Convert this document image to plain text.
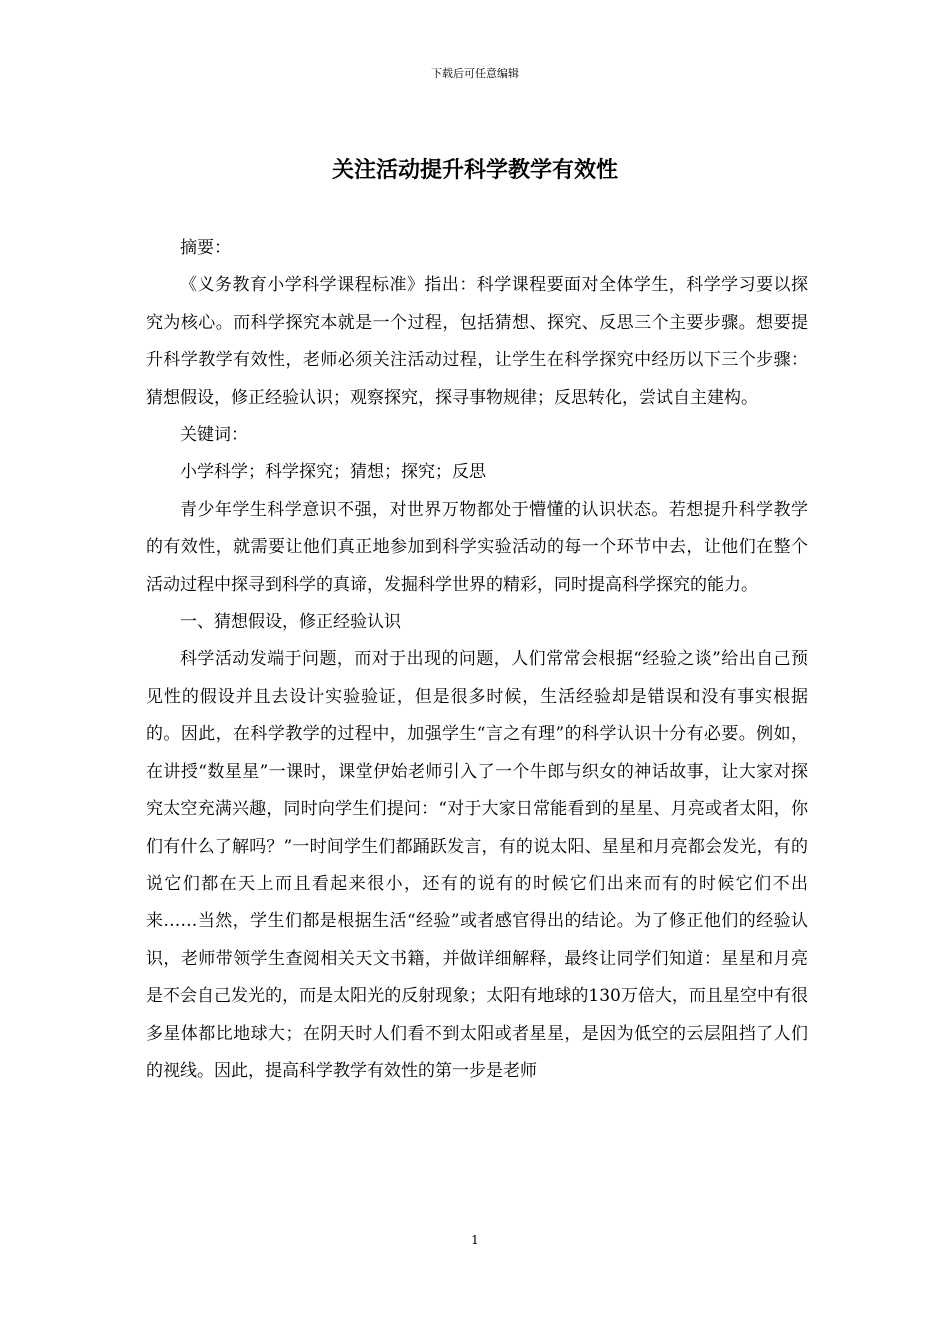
下载后可任意编辑
关注活动提升科学教学有效性

摘要：

《义务教育小学科学课程标准》指出：科学课程要面对全体学生，科学学习要以探究为核心。而科学探究本就是一个过程，包括猜想、探究、反思三个主要步骤。想要提升科学教学有效性，老师必须关注活动过程，让学生在科学探究中经历以下三个步骤：猜想假设，修正经验认识；观察探究，探寻事物规律；反思转化，尝试自主建构。

关键词：

小学科学；科学探究；猜想；探究；反思

青少年学生科学意识不强，对世界万物都处于懵懂的认识状态。若想提升科学教学的有效性，就需要让他们真正地参加到科学实验活动的每一个环节中去，让他们在整个活动过程中探寻到科学的真谛，发掘科学世界的精彩，同时提高科学探究的能力。

一、猜想假设，修正经验认识

科学活动发端于问题，而对于出现的问题，人们常常会根据“经验之谈”给出自己预见性的假设并且去设计实验验证，但是很多时候，生活经验却是错误和没有事实根据的。因此，在科学教学的过程中，加强学生“言之有理”的科学认识十分有必要。例如，在讲授“数星星”一课时，课堂伊始老师引入了一个牛郎与织女的神话故事，让大家对探究太空充满兴趣，同时向学生们提问：“对于大家日常能看到的星星、月亮或者太阳，你们有什么了解吗？”一时间学生们都踊跃发言，有的说太阳、星星和月亮都会发光，有的说它们都在天上而且看起来很小，还有的说有的时候它们出来而有的时候它们不出来……当然，学生们都是根据生活“经验”或者感官得出的结论。为了修正他们的经验认识，老师带领学生查阅相关天文书籍，并做详细解释，最终让同学们知道：星星和月亮是不会自己发光的，而是太阳光的反射现象；太阳有地球的130万倍大，而且星空中有很多星体都比地球大；在阴天时人们看不到太阳或者星星，是因为低空的云层阻挡了人们的视线。因此，提高科学教学有效性的第一步是老师

1
